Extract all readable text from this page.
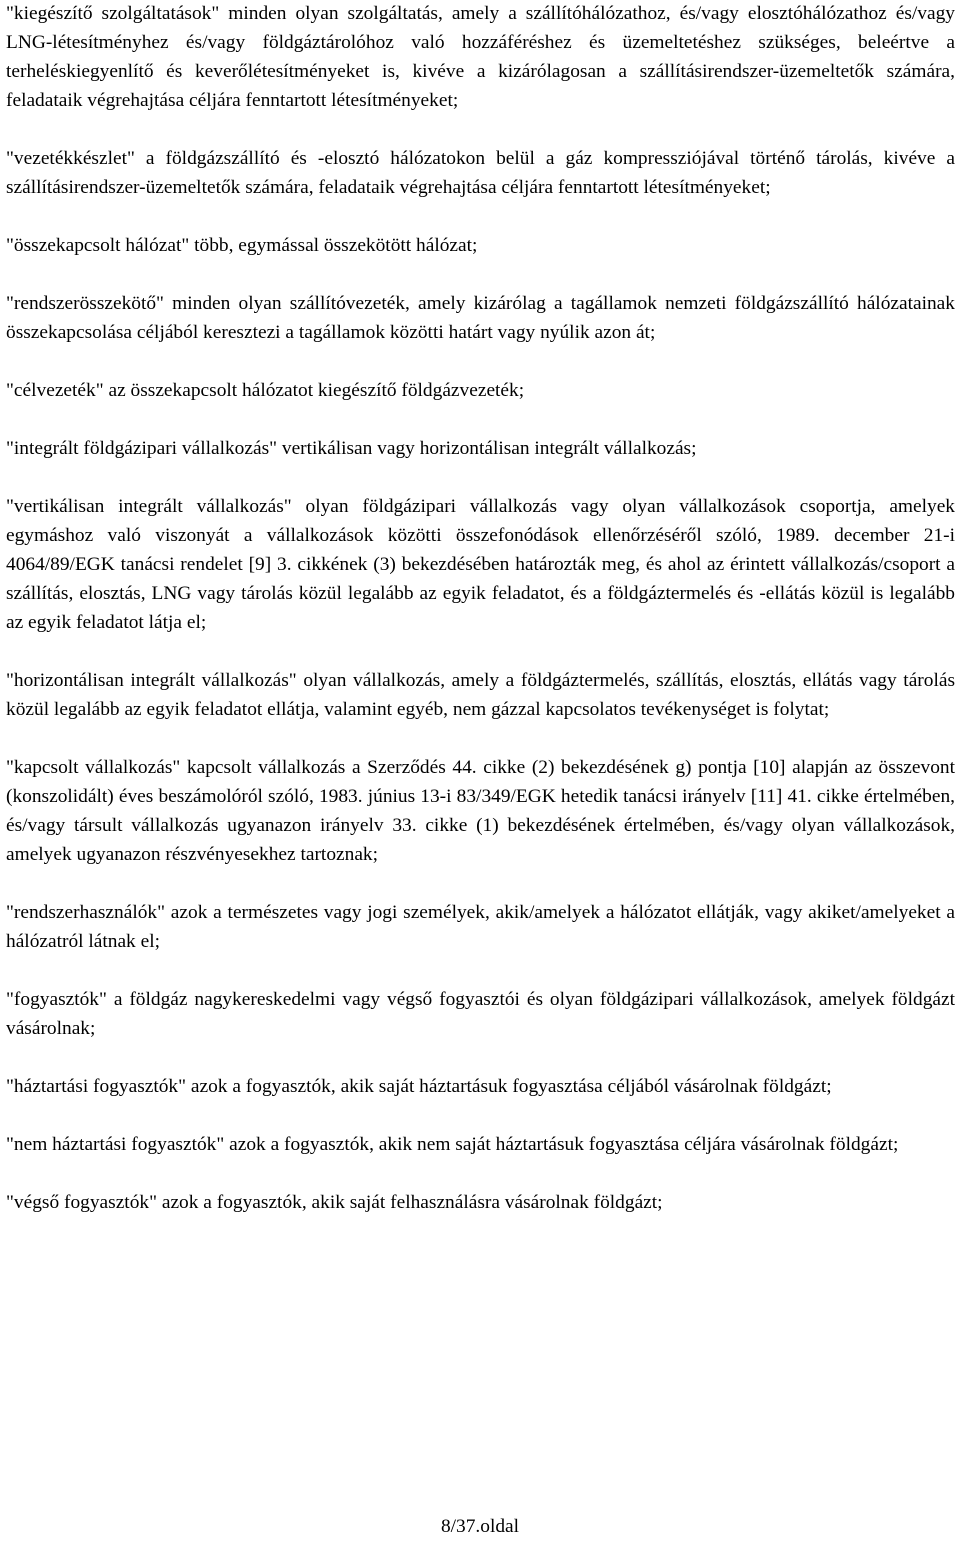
"kiegészítő szolgáltatások" minden olyan szolgáltatás, amely a szállítóhálózathoz, és/vagy elosztóhálózathoz és/vagy LNG-létesítményhez és/vagy földgáztárolóhoz való hozzáféréshez és üzemeltetéshez szükséges, beleértve a terheléskiegyenlítő és keverőlétesítményeket is, kivéve a kizárólagosan a szállításirendszer-üzemeltetők számára, feladataik végrehajtása céljára fenntartott létesítményeket;

"vezetékkészlet" a földgázszállító és -elosztó hálózatokon belül a gáz kompressziójával történő tárolás, kivéve a szállításirendszer-üzemeltetők számára, feladataik végrehajtása céljára fenntartott létesítményeket;

"összekapcsolt hálózat" több, egymással összekötött hálózat;

"rendszerösszekötő" minden olyan szállítóvezeték, amely kizárólag a tagállamok nemzeti földgázszállító hálózatainak összekapcsolása céljából keresztezi a tagállamok közötti határt vagy nyúlik azon át;

"célvezeték" az összekapcsolt hálózatot kiegészítő földgázvezeték;

"integrált földgázipari vállalkozás" vertikálisan vagy horizontálisan integrált vállalkozás;

"vertikálisan integrált vállalkozás" olyan földgázipari vállalkozás vagy olyan vállalkozások csoportja, amelyek egymáshoz való viszonyát a vállalkozások közötti összefonódások ellenőrzéséről szóló, 1989. december 21-i 4064/89/EGK tanácsi rendelet [9] 3. cikkének (3) bekezdésében határozták meg, és ahol az érintett vállalkozás/csoport a szállítás, elosztás, LNG vagy tárolás közül legalább az egyik feladatot, és a földgáztermelés és -ellátás közül is legalább az egyik feladatot látja el;

"horizontálisan integrált vállalkozás" olyan vállalkozás, amely a földgáztermelés, szállítás, elosztás, ellátás vagy tárolás közül legalább az egyik feladatot ellátja, valamint egyéb, nem gázzal kapcsolatos tevékenységet is folytat;

"kapcsolt vállalkozás" kapcsolt vállalkozás a Szerződés 44. cikke (2) bekezdésének g) pontja [10] alapján az összevont (konszolidált) éves beszámolóról szóló, 1983. június 13-i 83/349/EGK hetedik tanácsi irányelv [11] 41. cikke értelmében, és/vagy társult vállalkozás ugyanazon irányelv 33. cikke (1) bekezdésének értelmében, és/vagy olyan vállalkozások, amelyek ugyanazon részvényesekhez tartoznak;

"rendszerhasználók" azok a természetes vagy jogi személyek, akik/amelyek a hálózatot ellátják, vagy akiket/amelyeket a hálózatról látnak el;

"fogyasztók" a földgáz nagykereskedelmi vagy végső fogyasztói és olyan földgázipari vállalkozások, amelyek földgázt vásárolnak;

"háztartási fogyasztók" azok a fogyasztók, akik saját háztartásuk fogyasztása céljából vásárolnak földgázt;

"nem háztartási fogyasztók" azok a fogyasztók, akik nem saját háztartásuk fogyasztása céljára vásárolnak földgázt;

"végső fogyasztók" azok a fogyasztók, akik saját felhasználásra vásárolnak földgázt;

8/37.oldal
